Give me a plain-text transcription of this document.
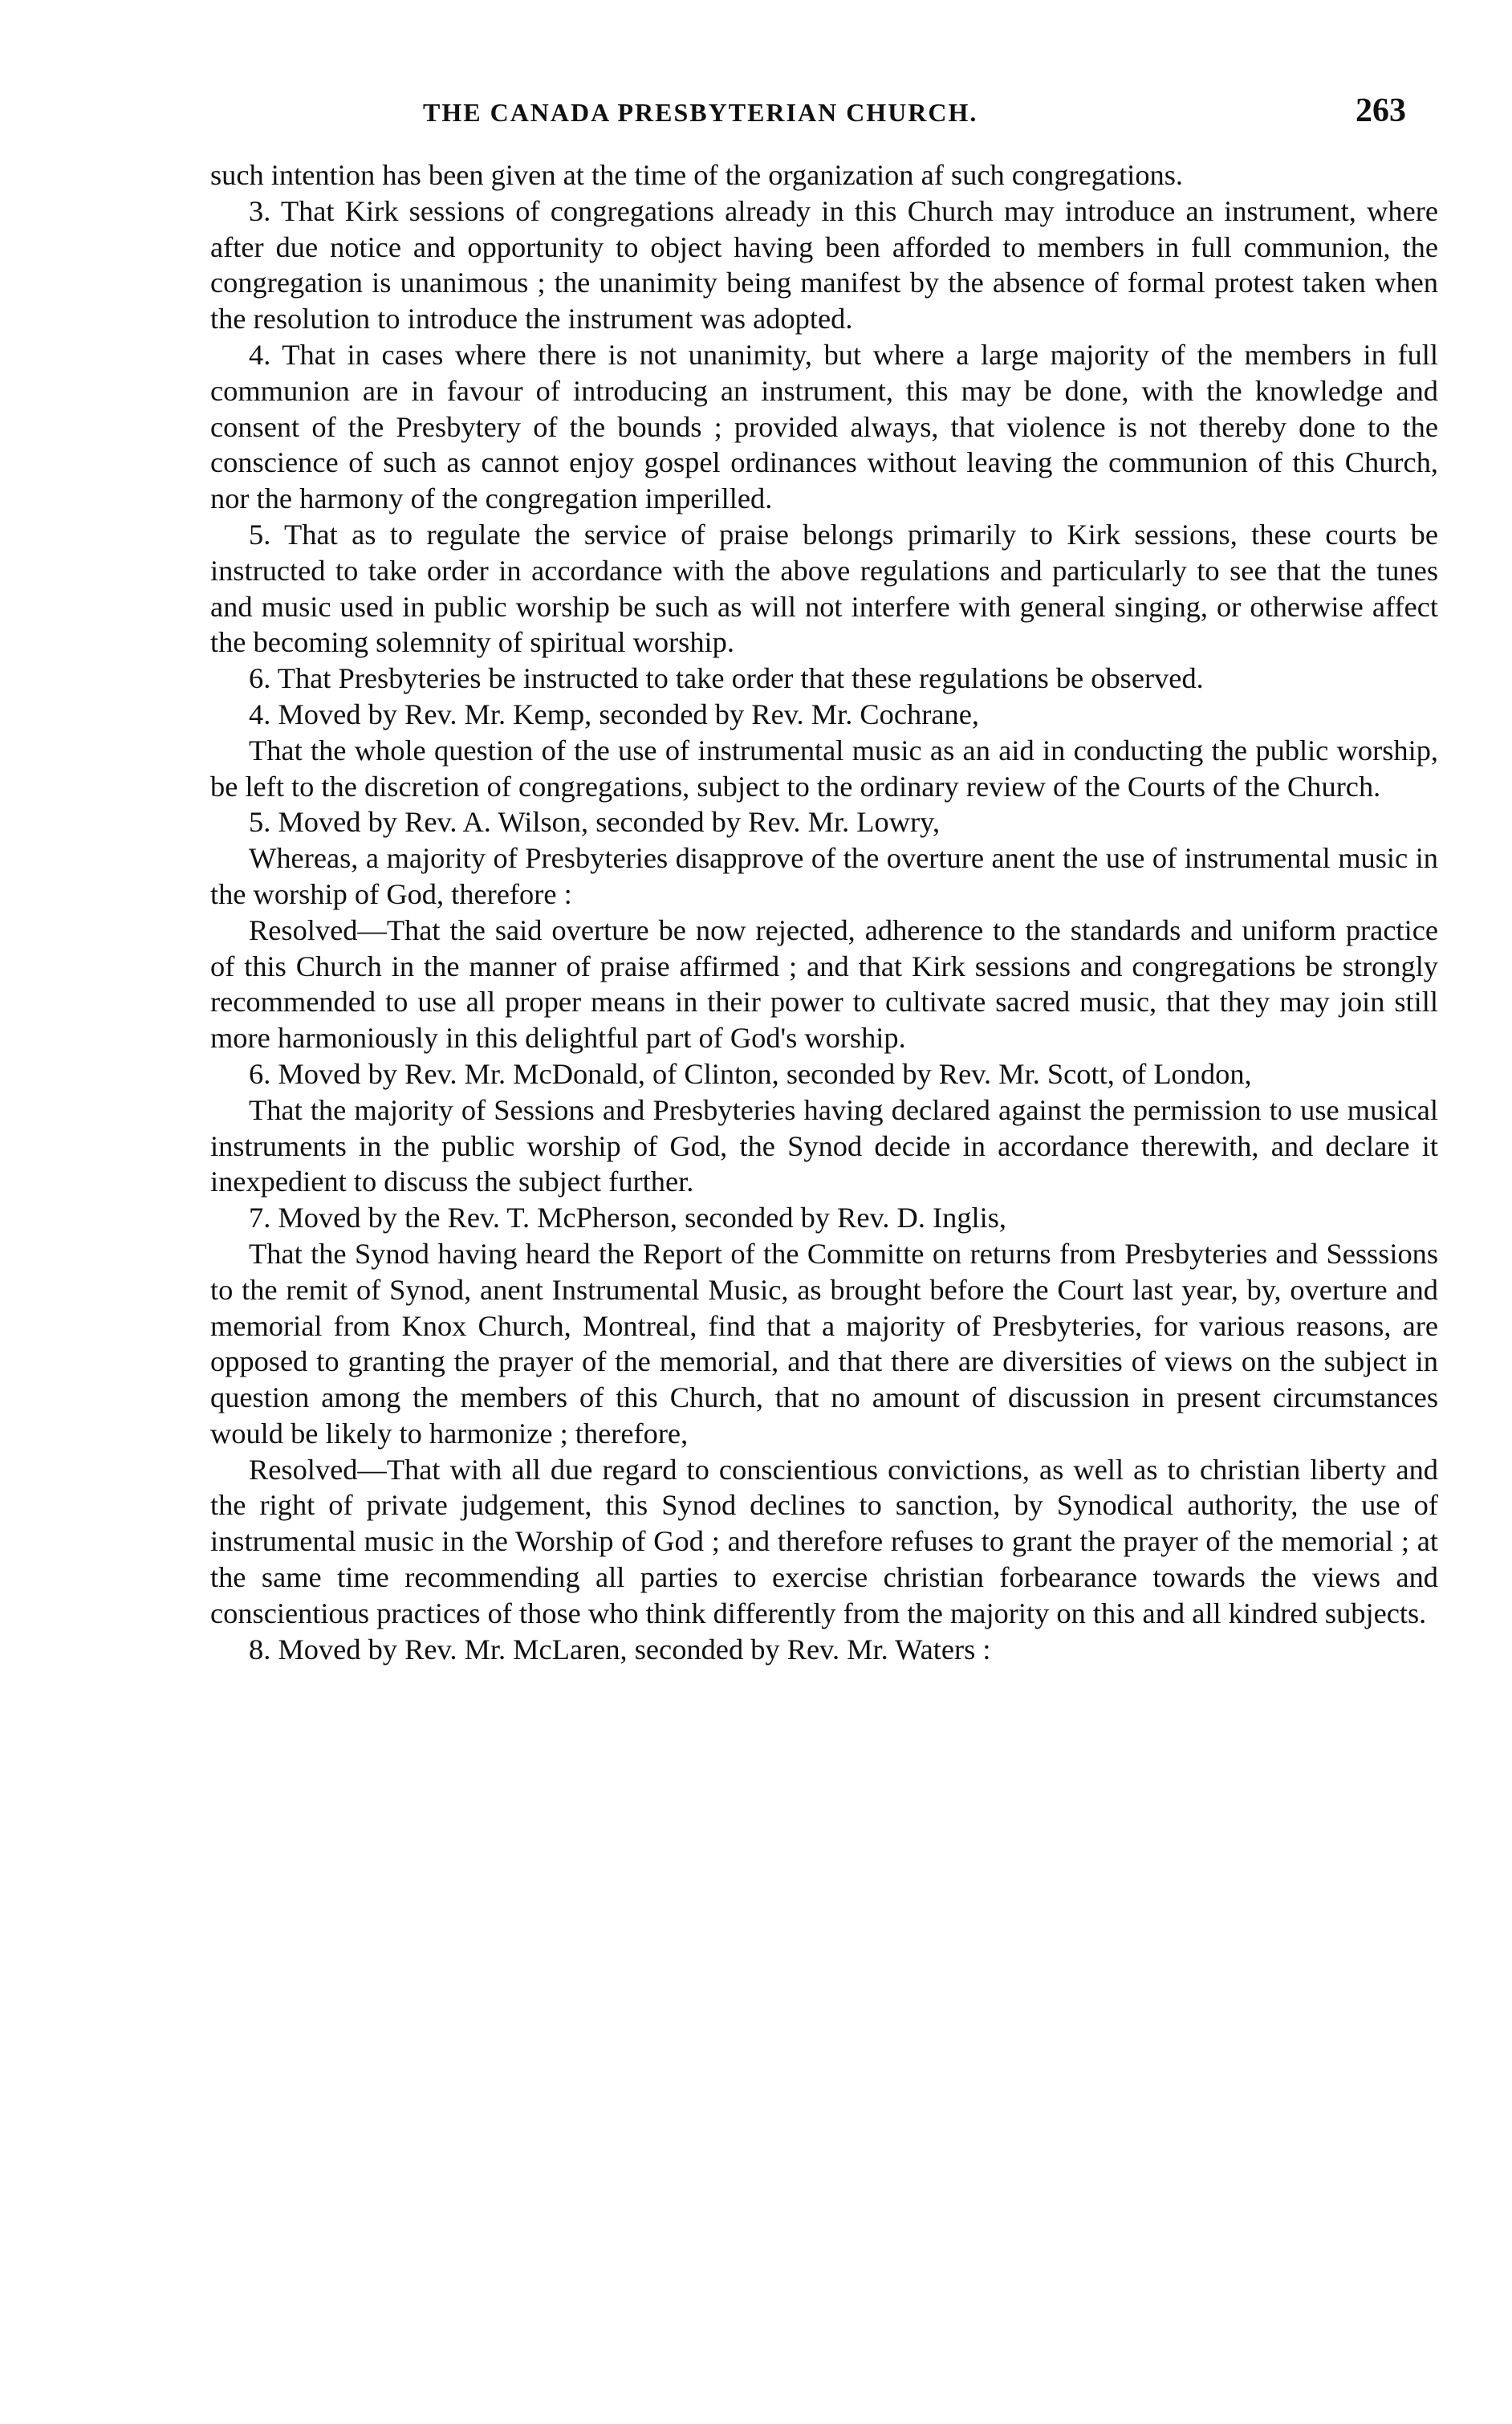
THE CANADA PRESBYTERIAN CHURCH.	263

such intention has been given at the time of the organization af such congregations.

3. That Kirk sessions of congregations already in this Church may introduce an instrument, where after due notice and opportunity to object having been afforded to members in full communion, the congregation is unanimous ; the unanimity being manifest by the absence of formal protest taken when the resolution to introduce the instrument was adopted.

4. That in cases where there is not unanimity, but where a large majority of the members in full communion are in favour of introducing an instrument, this may be done, with the knowledge and consent of the Presbytery of the bounds ; provided always, that violence is not thereby done to the conscience of such as cannot enjoy gospel ordinances without leaving the communion of this Church, nor the harmony of the congregation imperilled.

5. That as to regulate the service of praise belongs primarily to Kirk sessions, these courts be instructed to take order in accordance with the above regulations and particularly to see that the tunes and music used in public worship be such as will not interfere with general singing, or otherwise affect the becoming solemnity of spiritual worship.

6. That Presbyteries be instructed to take order that these regulations be observed.

4. Moved by Rev. Mr. Kemp, seconded by Rev. Mr. Cochrane,

That the whole question of the use of instrumental music as an aid in conducting the public worship, be left to the discretion of congregations, subject to the ordinary review of the Courts of the Church.

5. Moved by Rev. A. Wilson, seconded by Rev. Mr. Lowry,

Whereas, a majority of Presbyteries disapprove of the overture anent the use of instrumental music in the worship of God, therefore :

Resolved—That the said overture be now rejected, adherence to the standards and uniform practice of this Church in the manner of praise affirmed ; and that Kirk sessions and congregations be strongly recommended to use all proper means in their power to cultivate sacred music, that they may join still more harmoniously in this delightful part of God's worship.

6. Moved by Rev. Mr. McDonald, of Clinton, seconded by Rev. Mr. Scott, of London,

That the majority of Sessions and Presbyteries having declared against the permission to use musical instruments in the public worship of God, the Synod decide in accordance therewith, and declare it inexpedient to discuss the subject further.

7. Moved by the Rev. T. McPherson, seconded by Rev. D. Inglis,

That the Synod having heard the Report of the Committe on returns from Presbyteries and Sesssions to the remit of Synod, anent Instrumental Music, as brought before the Court last year, by, overture and memorial from Knox Church, Montreal, find that a majority of Presbyteries, for various reasons, are opposed to granting the prayer of the memorial, and that there are diversities of views on the subject in question among the members of this Church, that no amount of discussion in present circumstances would be likely to harmonize ; therefore,

Resolved—That with all due regard to conscientious convictions, as well as to christian liberty and the right of private judgement, this Synod declines to sanction, by Synodical authority, the use of instrumental music in the Worship of God ; and therefore refuses to grant the prayer of the memorial ; at the same time recommending all parties to exercise christian forbearance towards the views and conscientious practices of those who think differently from the majority on this and all kindred subjects.

8. Moved by Rev. Mr. McLaren, seconded by Rev. Mr. Waters :
